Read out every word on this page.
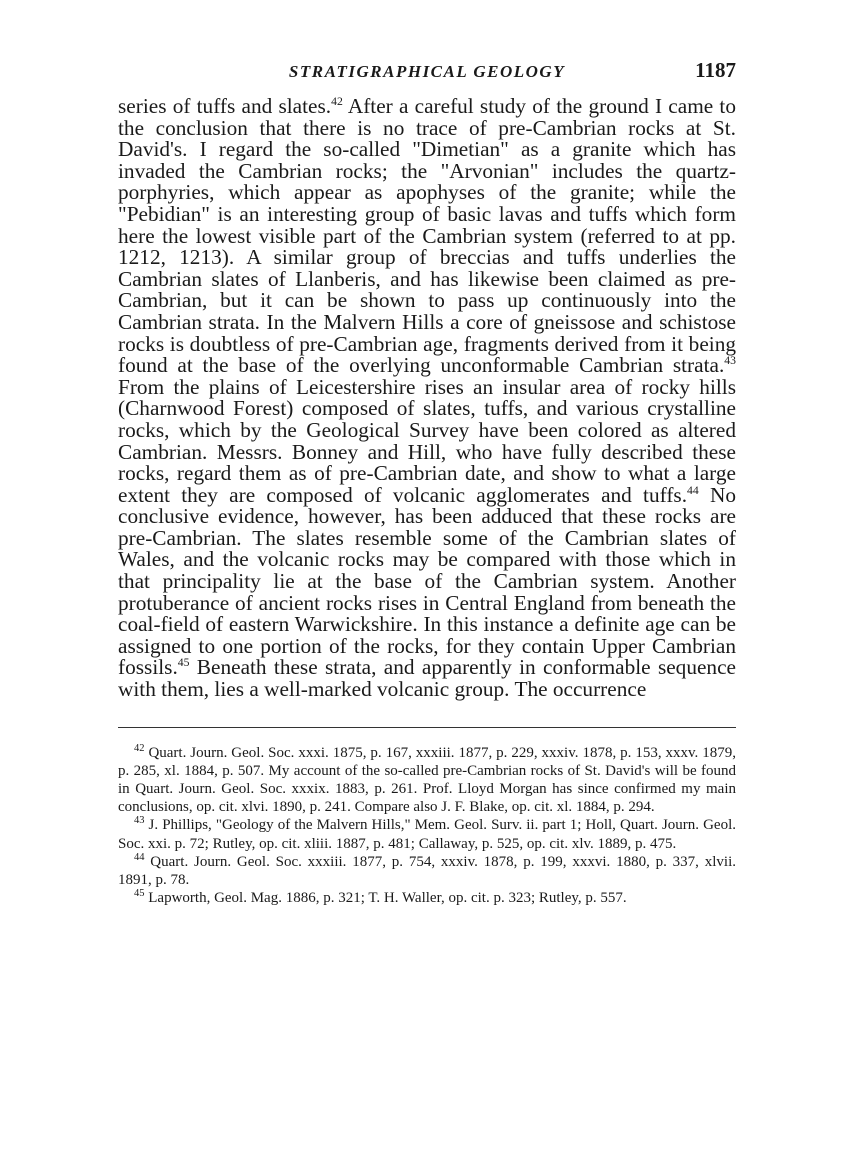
STRATIGRAPHICAL GEOLOGY	1187

series of tuffs and slates.$^{42}$ After a careful study of the ground I came to the conclusion that there is no trace of pre-Cambrian rocks at St. David's. I regard the so-called "Dimetian" as a granite which has invaded the Cambrian rocks; the "Arvonian" includes the quartz-porphyries, which appear as apophyses of the granite; while the "Pebidian" is an interesting group of basic lavas and tuffs which form here the lowest visible part of the Cambrian system (referred to at pp. 1212, 1213). A similar group of breccias and tuffs underlies the Cambrian slates of Llanberis, and has likewise been claimed as pre-Cambrian, but it can be shown to pass up continuously into the Cambrian strata. In the Malvern Hills a core of gneissose and schistose rocks is doubtless of pre-Cambrian age, fragments derived from it being found at the base of the overlying unconformable Cambrian strata.$^{43}$ From the plains of Leicestershire rises an insular area of rocky hills (Charnwood Forest) composed of slates, tuffs, and various crystalline rocks, which by the Geological Survey have been colored as altered Cambrian. Messrs. Bonney and Hill, who have fully described these rocks, regard them as of pre-Cambrian date, and show to what a large extent they are composed of volcanic agglomerates and tuffs.$^{44}$ No conclusive evidence, however, has been adduced that these rocks are pre-Cambrian. The slates resemble some of the Cambrian slates of Wales, and the volcanic rocks may be compared with those which in that principality lie at the base of the Cambrian system. Another protuberance of ancient rocks rises in Central England from beneath the coal-field of eastern Warwickshire. In this instance a definite age can be assigned to one portion of the rocks, for they contain Upper Cambrian fossils.$^{45}$ Beneath these strata, and apparently in conformable sequence with them, lies a well-marked volcanic group. The occurrence

$^{42}$ Quart. Journ. Geol. Soc. xxxi. 1875, p. 167, xxxiii. 1877, p. 229, xxxiv. 1878, p. 153, xxxv. 1879, p. 285, xl. 1884, p. 507. My account of the so-called pre-Cambrian rocks of St. David's will be found in Quart. Journ. Geol. Soc. xxxix. 1883, p. 261. Prof. Lloyd Morgan has since confirmed my main conclusions, op. cit. xlvi. 1890, p. 241. Compare also J. F. Blake, op. cit. xl. 1884, p. 294.

$^{43}$ J. Phillips, "Geology of the Malvern Hills," Mem. Geol. Surv. ii. part 1; Holl, Quart. Journ. Geol. Soc. xxi. p. 72; Rutley, op. cit. xliii. 1887, p. 481; Callaway, p. 525, op. cit. xlv. 1889, p. 475.

$^{44}$ Quart. Journ. Geol. Soc. xxxiii. 1877, p. 754, xxxiv. 1878, p. 199, xxxvi. 1880, p. 337, xlvii. 1891, p. 78.

$^{45}$ Lapworth, Geol. Mag. 1886, p. 321; T. H. Waller, op. cit. p. 323; Rutley, p. 557.
